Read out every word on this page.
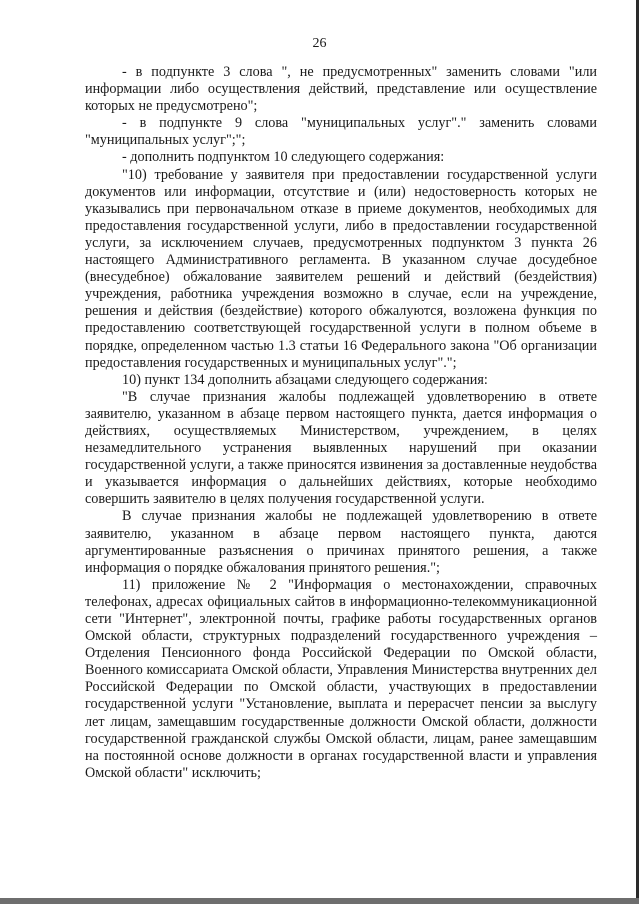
26

- в подпункте 3 слова ", не предусмотренных" заменить словами "или информации либо осуществления действий, представление или осуществление которых не предусмотрено";

- в подпункте 9 слова "муниципальных услуг"." заменить словами "муниципальных услуг";";

- дополнить подпунктом 10 следующего содержания:

"10) требование у заявителя при предоставлении государственной услуги документов или информации, отсутствие и (или) недостоверность которых не указывались при первоначальном отказе в приеме документов, необходимых для предоставления государственной услуги, либо в предоставлении государственной услуги, за исключением случаев, предусмотренных подпунктом 3 пункта 26 настоящего Административного регламента. В указанном случае досудебное (внесудебное) обжалование заявителем решений и действий (бездействия) учреждения, работника учреждения возможно в случае, если на учреждение, решения и действия (бездействие) которого обжалуются, возложена функция по предоставлению соответствующей государственной услуги в полном объеме в порядке, определенном частью 1.3 статьи 16 Федерального закона "Об организации предоставления государственных и муниципальных услуг".";

10) пункт 134 дополнить абзацами следующего содержания:

"В случае признания жалобы подлежащей удовлетворению в ответе заявителю, указанном в абзаце первом настоящего пункта, дается информация о действиях, осуществляемых Министерством, учреждением, в целях незамедлительного устранения выявленных нарушений при оказании государственной услуги, а также приносятся извинения за доставленные неудобства и указывается информация о дальнейших действиях, которые необходимо совершить заявителю в целях получения государственной услуги.

В случае признания жалобы не подлежащей удовлетворению в ответе заявителю, указанном в абзаце первом настоящего пункта, даются аргументированные разъяснения о причинах принятого решения, а также информация о порядке обжалования принятого решения.";

11) приложение № 2 "Информация о местонахождении, справочных телефонах, адресах официальных сайтов в информационно-телекоммуникационной сети "Интернет", электронной почты, графике работы государственных органов Омской области, структурных подразделений государственного учреждения – Отделения Пенсионного фонда Российской Федерации по Омской области, Военного комиссариата Омской области, Управления Министерства внутренних дел Российской Федерации по Омской области, участвующих в предоставлении государственной услуги "Установление, выплата и перерасчет пенсии за выслугу лет лицам, замещавшим государственные должности Омской области, должности государственной гражданской службы Омской области, лицам, ранее замещавшим на постоянной основе должности в органах государственной власти и управления Омской области" исключить;
